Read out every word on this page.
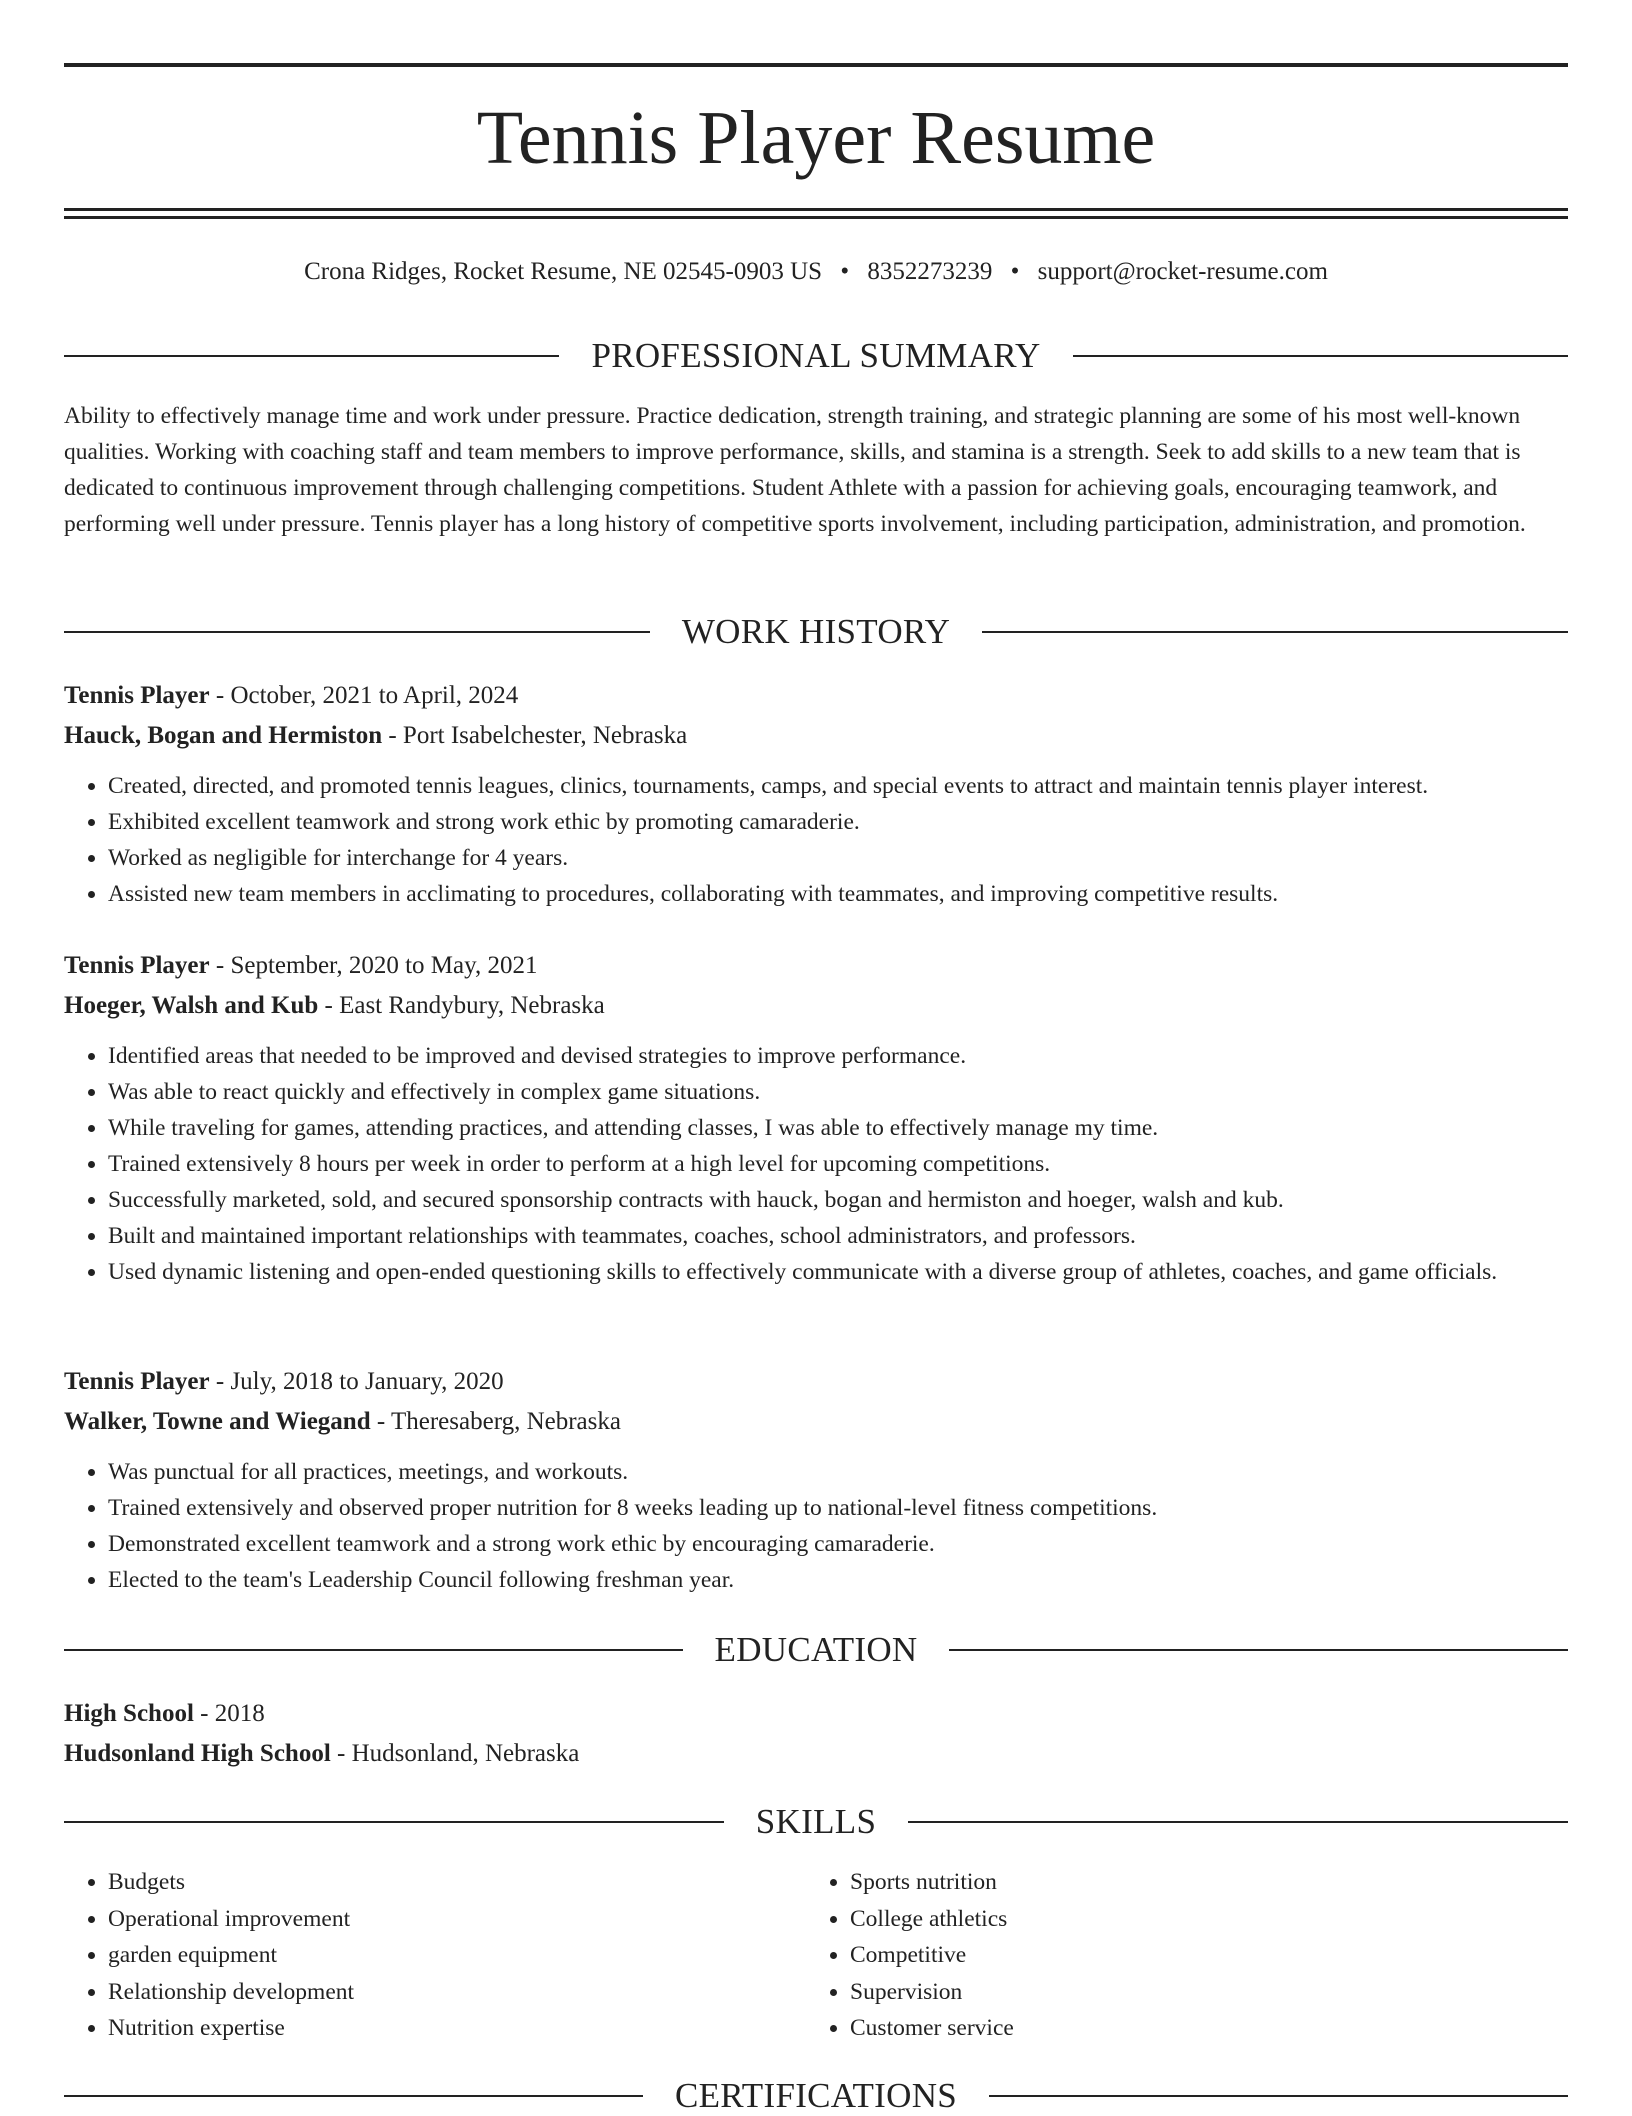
Tennis Player Resume
Crona Ridges, Rocket Resume, NE 02545-0903 US • 8352273239 • support@rocket-resume.com
PROFESSIONAL SUMMARY

Ability to effectively manage time and work under pressure. Practice dedication, strength training, and strategic planning are some of his most well-known qualities. Working with coaching staff and team members to improve performance, skills, and stamina is a strength. Seek to add skills to a new team that is dedicated to continuous improvement through challenging competitions. Student Athlete with a passion for achieving goals, encouraging teamwork, and performing well under pressure. Tennis player has a long history of competitive sports involvement, including participation, administration, and promotion.

WORK HISTORY
Tennis Player - October, 2021 to April, 2024
Hauck, Bogan and Hermiston - Port Isabelchester, Nebraska
• Created, directed, and promoted tennis leagues, clinics, tournaments, camps, and special events to attract and maintain tennis player interest.
• Exhibited excellent teamwork and strong work ethic by promoting camaraderie.
• Worked as negligible for interchange for 4 years.
• Assisted new team members in acclimating to procedures, collaborating with teammates, and improving competitive results.
Tennis Player - September, 2020 to May, 2021
Hoeger, Walsh and Kub - East Randybury, Nebraska
• Identified areas that needed to be improved and devised strategies to improve performance.
• Was able to react quickly and effectively in complex game situations.
• While traveling for games, attending practices, and attending classes, I was able to effectively manage my time.
• Trained extensively 8 hours per week in order to perform at a high level for upcoming competitions.
• Successfully marketed, sold, and secured sponsorship contracts with hauck, bogan and hermiston and hoeger, walsh and kub.
• Built and maintained important relationships with teammates, coaches, school administrators, and professors.
• Used dynamic listening and open-ended questioning skills to effectively communicate with a diverse group of athletes, coaches, and game officials.
Tennis Player - July, 2018 to January, 2020
Walker, Towne and Wiegand - Theresaberg, Nebraska
• Was punctual for all practices, meetings, and workouts.
• Trained extensively and observed proper nutrition for 8 weeks leading up to national-level fitness competitions.
• Demonstrated excellent teamwork and a strong work ethic by encouraging camaraderie.
• Elected to the team's Leadership Council following freshman year.
EDUCATION
High School - 2018
Hudsonland High School - Hudsonland, Nebraska
SKILLS
• Budgets
• Operational improvement
• garden equipment
• Relationship development
• Nutrition expertise
• Sports nutrition
• College athletics
• Competitive
• Supervision
• Customer service
CERTIFICATIONS
